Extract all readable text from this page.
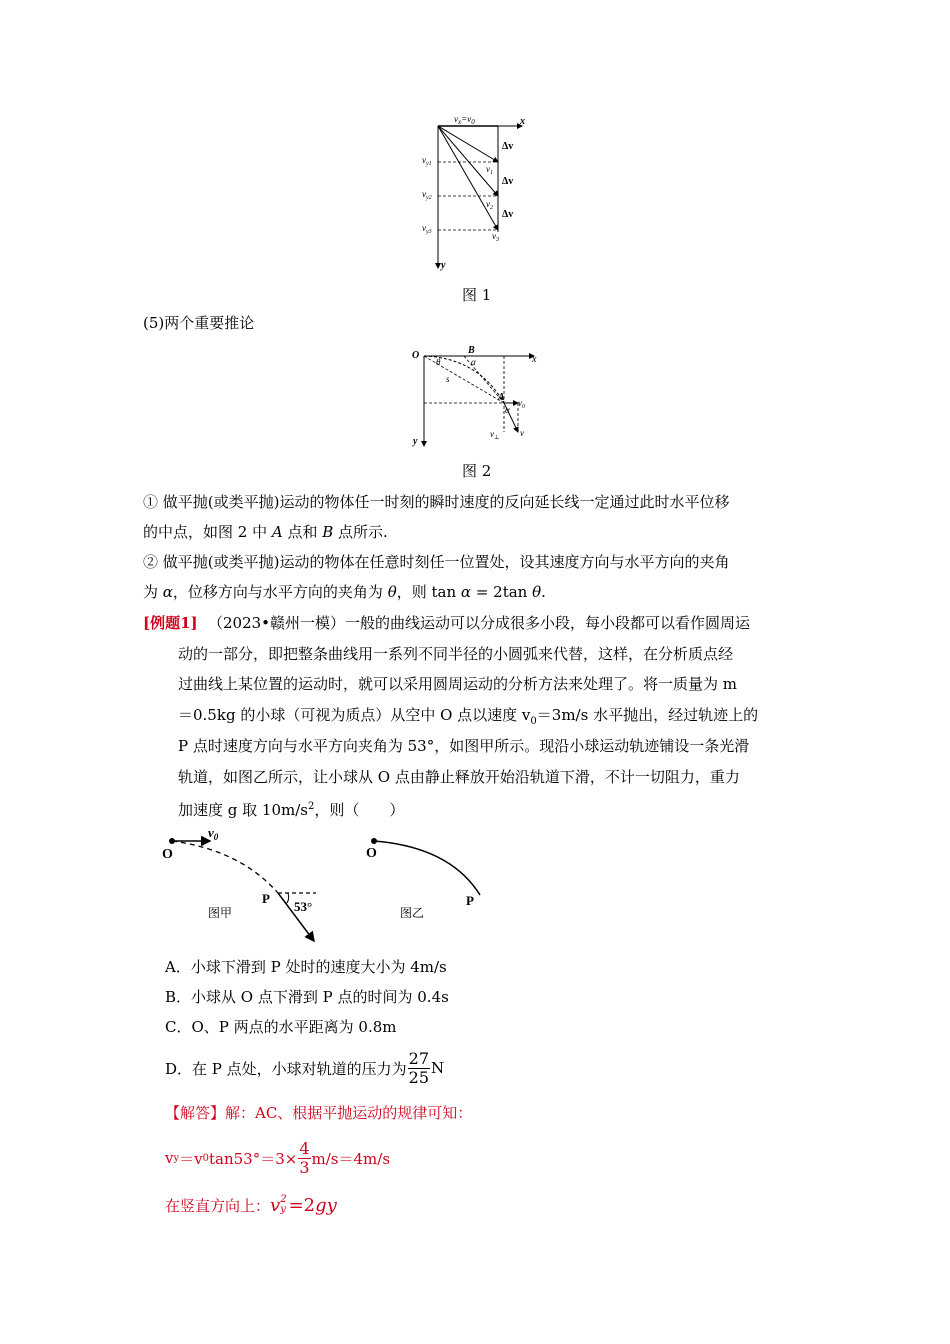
$v_x=v_0$	x
y
$v_{y1}$
$v_{y2}$
$v_{y3}$
Δv
Δv
Δv
$v_1$
$v_2$
$v_3$
图 1
(5)两个重要推论
O	B
α
θ
s
x
y
A
α
$v_0$
$v_\perp$ v
图 2
① 做平抛(或类平抛)运动的物体任一时刻的瞬时速度的反向延长线一定通过此时水平位移
的中点，如图 2 中 A 点和 B 点所示.
② 做平抛(或类平抛)运动的物体在任意时刻任一位置处，设其速度方向与水平方向的夹角
为 α，位移方向与水平方向的夹角为 θ，则 tan α = 2tan θ.
[例题1] （2023•赣州一模）一般的曲线运动可以分成很多小段，每小段都可以看作圆周运
动的一部分，即把整条曲线用一系列不同半径的小圆弧来代替，这样，在分析质点经
过曲线上某位置的运动时，就可以采用圆周运动的分析方法来处理了。将一质量为 m
＝0.5kg 的小球（可视为质点）从空中 O 点以速度 $v_0=3m/s$ 水平抛出，经过轨迹上的
P 点时速度方向与水平方向夹角为 53°，如图甲所示。现沿小球运动轨迹铺设一条光滑
轨道，如图乙所示，让小球从 O 点由静止释放开始沿轨道下滑，不计一切阻力，重力
加速度 g 取 $10m/s^2$，则（　　）
O
$v_0$
P
53°
图甲
O
P
图乙
A．小球下滑到 P 处时的速度大小为 4m/s
B．小球从 O 点下滑到 P 点的时间为 0.4s
C．O、P 两点的水平距离为 0.8m
D．在 P 点处，小球对轨道的压力为 $\frac{27}{25}$ N
【解答】解：AC、根据平抛运动的规律可知：
v y ＝v 0 $\tan 53^\circ=3\times \frac{4}{3} m/s=4m/s$
在竖直方向上： v 2
y =2 gy
